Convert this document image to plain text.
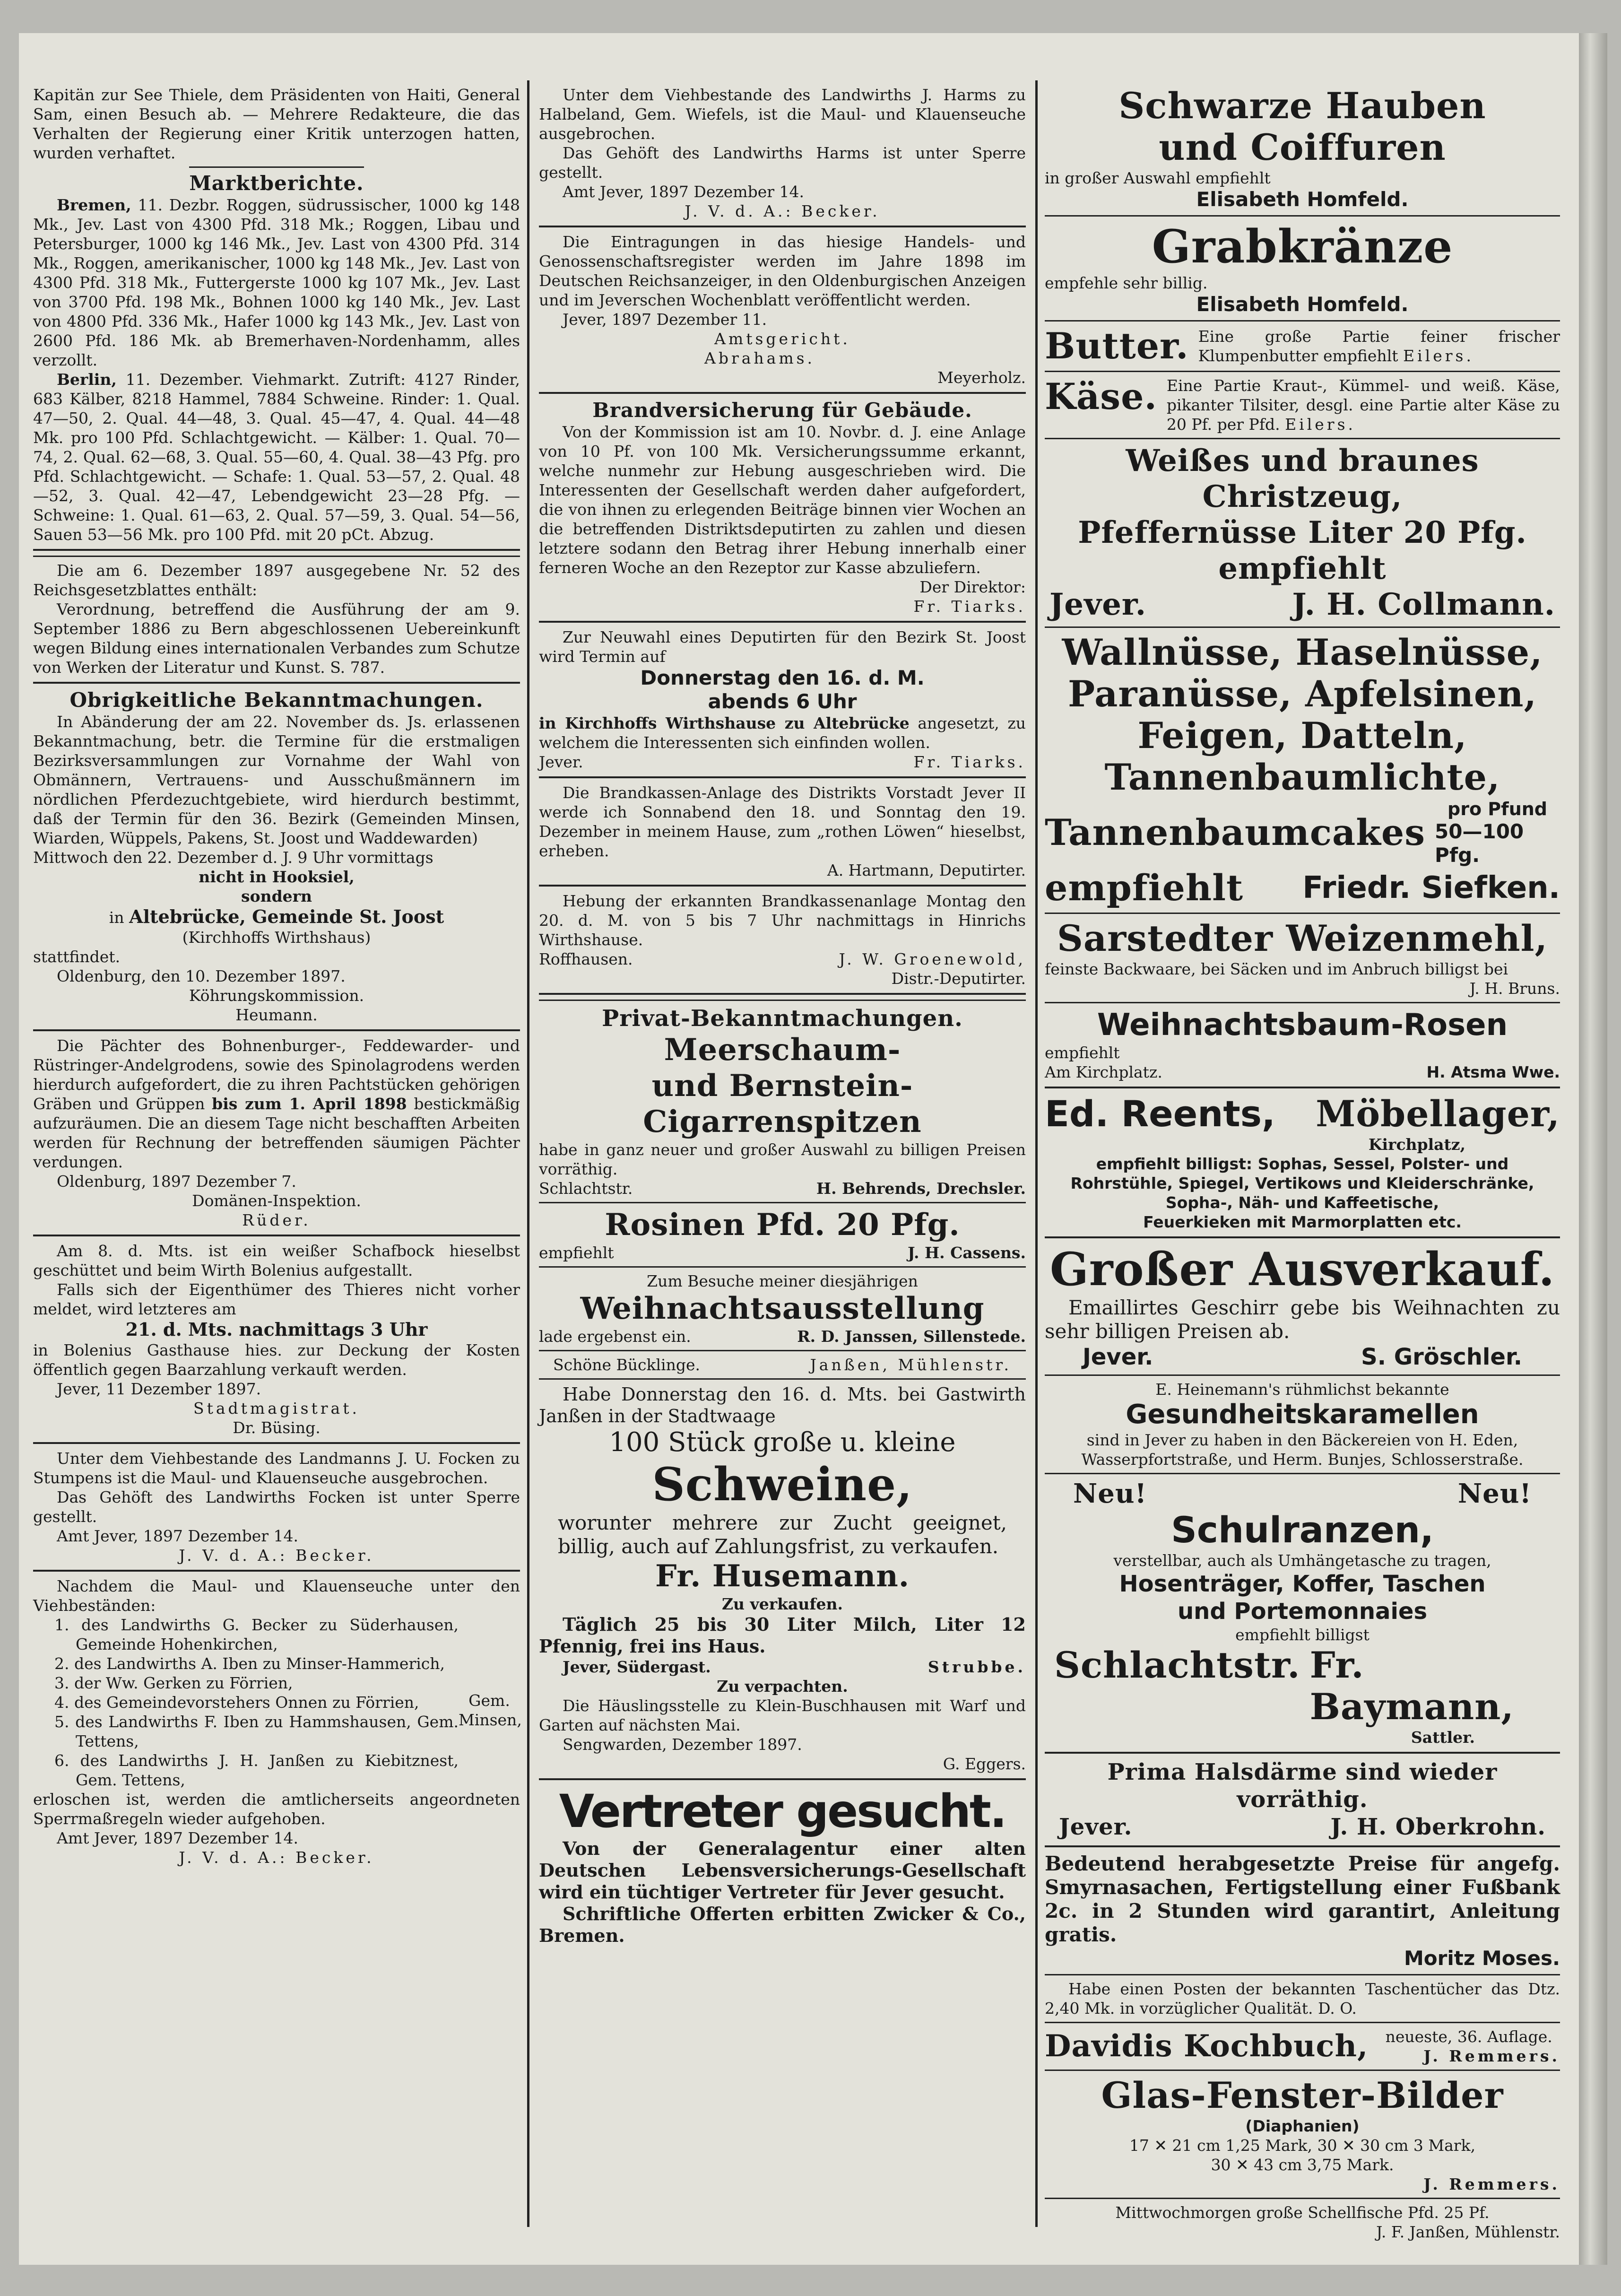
Kapitän zur See Thiele, dem Präsidenten von Haiti, General Sam, einen Besuch ab. — Mehrere Redakteure, die das Verhalten der Regierung einer Kritik unterzogen hatten, wurden verhaftet.

Marktberichte.

Bremen, 11. Dezbr. Roggen, südrussischer, 1000 kg 148 Mk., Jev. Last von 4300 Pfd. 318 Mk.; Roggen, Libau und Petersburger, 1000 kg 146 Mk., Jev. Last von 4300 Pfd. 314 Mk., Roggen, amerikanischer, 1000 kg 148 Mk., Jev. Last von 4300 Pfd. 318 Mk., Futtergerste 1000 kg 107 Mk., Jev. Last von 3700 Pfd. 198 Mk., Bohnen 1000 kg 140 Mk., Jev. Last von 4800 Pfd. 336 Mk., Hafer 1000 kg 143 Mk., Jev. Last von 2600 Pfd. 186 Mk. ab Bremerhaven-Nordenhamm, alles verzollt.

Berlin, 11. Dezember. Viehmarkt. Zutrift: 4127 Rinder, 683 Kälber, 8218 Hammel, 7884 Schweine. Rinder: 1. Qual. 47—50, 2. Qual. 44—48, 3. Qual. 45—47, 4. Qual. 44—48 Mk. pro 100 Pfd. Schlachtgewicht. — Kälber: 1. Qual. 70—74, 2. Qual. 62—68, 3. Qual. 55—60, 4. Qual. 38—43 Pfg. pro Pfd. Schlachtgewicht. — Schafe: 1. Qual. 53—57, 2. Qual. 48—52, 3. Qual. 42—47, Lebendgewicht 23—28 Pfg. — Schweine: 1. Qual. 61—63, 2. Qual. 57—59, 3. Qual. 54—56, Sauen 53—56 Mk. pro 100 Pfd. mit 20 pCt. Abzug.

Die am 6. Dezember 1897 ausgegebene Nr. 52 des Reichsgesetzblattes enthält:

Verordnung, betreffend die Ausführung der am 9. September 1886 zu Bern abgeschlossenen Uebereinkunft wegen Bildung eines internationalen Verbandes zum Schutze von Werken der Literatur und Kunst. S. 787.

Obrigkeitliche Bekanntmachungen.

In Abänderung der am 22. November ds. Js. erlassenen Bekanntmachung, betr. die Termine für die erstmaligen Bezirksversammlungen zur Vornahme der Wahl von Obmännern, Vertrauens- und Ausschußmännern im nördlichen Pferdezuchtgebiete, wird hierdurch bestimmt, daß der Termin für den 36. Bezirk (Gemeinden Minsen, Wiarden, Wüppels, Pakens, St. Joost und Waddewarden)

Mittwoch den 22. Dezember d. J. 9 Uhr vormittags

nicht in Hooksiel,

sondern

in Altebrücke, Gemeinde St. Joost

(Kirchhoffs Wirthshaus)

stattfindet.

Oldenburg, den 10. Dezember 1897.

Köhrungskommission.

Heumann.

Die Pächter des Bohnenburger-, Feddewarder- und Rüstringer-Andelgrodens, sowie des Spinolagrodens werden hierdurch aufgefordert, die zu ihren Pachtstücken gehörigen Gräben und Grüppen bis zum 1. April 1898 bestickmäßig aufzuräumen. Die an diesem Tage nicht beschafften Arbeiten werden für Rechnung der betreffenden säumigen Pächter verdungen.

Oldenburg, 1897 Dezember 7.

Domänen-Inspektion.

Rüder.

Am 8. d. Mts. ist ein weißer Schafbock hieselbst geschüttet und beim Wirth Bolenius aufgestallt.

Falls sich der Eigenthümer des Thieres nicht vorher meldet, wird letzteres am

21. d. Mts. nachmittags 3 Uhr

in Bolenius Gasthause hies. zur Deckung der Kosten öffentlich gegen Baarzahlung verkauft werden.

Jever, 11 Dezember 1897.

Stadtmagistrat.

Dr. Büsing.

Unter dem Viehbestande des Landmanns J. U. Focken zu Stumpens ist die Maul- und Klauenseuche ausgebrochen.

Das Gehöft des Landwirths Focken ist unter Sperre gestellt.

Amt Jever, 1897 Dezember 14.

J. V. d. A.: Becker.

Nachdem die Maul- und Klauenseuche unter den Viehbeständen:

1. des Landwirths G. Becker zu Süderhausen, Gemeinde Hohenkirchen,

2. des Landwirths A. Iben zu Minser-Hammerich,

3. der Ww. Gerken zu Förrien,

4. des Gemeindevorstehers Onnen zu Förrien,

5. des Landwirths F. Iben zu Hammshausen, Gem. Tettens,

6. des Landwirths J. H. Janßen zu Kiebitznest, Gem. Tettens,

Gem. Minsen,

erloschen ist, werden die amtlicherseits angeordneten Sperrmaßregeln wieder aufgehoben.

Amt Jever, 1897 Dezember 14.

J. V. d. A.: Becker.

Unter dem Viehbestande des Landwirths J. Harms zu Halbeland, Gem. Wiefels, ist die Maul- und Klauenseuche ausgebrochen.

Das Gehöft des Landwirths Harms ist unter Sperre gestellt.

Amt Jever, 1897 Dezember 14.

J. V. d. A.: Becker.

Die Eintragungen in das hiesige Handels- und Genossenschaftsregister werden im Jahre 1898 im Deutschen Reichsanzeiger, in den Oldenburgischen Anzeigen und im Jeverschen Wochenblatt veröffentlicht werden.

Jever, 1897 Dezember 11.

Amtsgericht.

Abrahams.

Meyerholz.

Brandversicherung für Gebäude.

Von der Kommission ist am 10. Novbr. d. J. eine Anlage von 10 Pf. von 100 Mk. Versicherungssumme erkannt, welche nunmehr zur Hebung ausgeschrieben wird. Die Interessenten der Gesellschaft werden daher aufgefordert, die von ihnen zu erlegenden Beiträge binnen vier Wochen an die betreffenden Distriktsdeputirten zu zahlen und diesen letztere sodann den Betrag ihrer Hebung innerhalb einer ferneren Woche an den Rezeptor zur Kasse abzuliefern.

Der Direktor:

Fr. Tiarks.

Zur Neuwahl eines Deputirten für den Bezirk St. Joost wird Termin auf

Donnerstag den 16. d. M.

abends 6 Uhr

in Kirchhoffs Wirthshause zu Altebrücke angesetzt, zu welchem die Interessenten sich einfinden wollen.

Jever.	Fr. Tiarks.

Die Brandkassen-Anlage des Distrikts Vorstadt Jever II werde ich Sonnabend den 18. und Sonntag den 19. Dezember in meinem Hause, zum „rothen Löwen“ hieselbst, erheben.

A. Hartmann, Deputirter.

Hebung der erkannten Brandkassenanlage Montag den 20. d. M. von 5 bis 7 Uhr nachmittags in Hinrichs Wirthshause.

Roffhausen.	J. W. Groenewold,

Distr.-Deputirter.

Privat-Bekanntmachungen.

Meerschaum-

und Bernstein-Cigarrenspitzen

habe in ganz neuer und großer Auswahl zu billigen Preisen vorräthig.

Schlachtstr.	H. Behrends, Drechsler.

Rosinen Pfd. 20 Pfg.

empfiehlt	J. H. Cassens.

Zum Besuche meiner diesjährigen

Weihnachtsausstellung

lade ergebenst ein.	R. D. Janssen, Sillenstede.
Schöne Bücklinge.	Janßen, Mühlenstr.

Habe Donnerstag den 16. d. Mts. bei Gastwirth Janßen in der Stadtwaage

100 Stück große u. kleine

Schweine,

worunter mehrere zur Zucht geeignet, billig, auch auf Zahlungsfrist, zu verkaufen.

Fr. Husemann.

Zu verkaufen.

Täglich 25 bis 30 Liter Milch, Liter 12 Pfennig, frei ins Haus.

Jever, Südergast.	Strubbe.

Zu verpachten.

Die Häuslingsstelle zu Klein-Buschhausen mit Warf und Garten auf nächsten Mai.

Sengwarden, Dezember 1897.

G. Eggers.

Vertreter gesucht.

Von der Generalagentur einer alten Deutschen Lebensversicherungs-Gesellschaft wird ein tüchtiger Vertreter für Jever gesucht.

Schriftliche Offerten erbitten Zwicker & Co., Bremen.

Schwarze Hauben

und Coiffuren

in großer Auswahl empfiehlt

Elisabeth Homfeld.

Grabkränze

empfehle sehr billig.

Elisabeth Homfeld.

Butter. Eine große Partie feiner frischer Klumpenbutter empfiehlt Eilers.

Käse. Eine Partie Kraut-, Kümmel- und weiß. Käse, pikanter Tilsiter, desgl. eine Partie alter Käse zu 20 Pf. per Pfd. Eilers.

Weißes und braunes Christzeug,

Pfeffernüsse Liter 20 Pfg. empfiehlt

Jever.	J. H. Collmann.

Wallnüsse, Haselnüsse,

Paranüsse, Apfelsinen,

Feigen, Datteln,

Tannenbaumlichte,

Tannenbaumcakes
pro Pfund
50—100 Pfg.
empfiehlt Friedr. Siefken.

Sarstedter Weizenmehl,

feinste Backwaare, bei Säcken und im Anbruch billigst bei

J. H. Bruns.

Weihnachtsbaum-Rosen

empfiehlt

Am Kirchplatz.	H. Atsma Wwe.
Ed. Reents, Möbellager,

Kirchplatz,

empfiehlt billigst: Sophas, Sessel, Polster- und Rohrstühle, Spiegel, Vertikows und Kleiderschränke,

Sopha-, Näh- und Kaffeetische,

Feuerkieken mit Marmorplatten etc.

Großer Ausverkauf.

Emaillirtes Geschirr gebe bis Weihnachten zu sehr billigen Preisen ab.

Jever.	S. Gröschler.

E. Heinemann's rühmlichst bekannte

Gesundheitskaramellen

sind in Jever zu haben in den Bäckereien von H. Eden, Wasserpfortstraße, und Herm. Bunjes, Schlosserstraße.

Neu!	Neu!

Schulranzen,

verstellbar, auch als Umhängetasche zu tragen,

Hosenträger, Koffer, Taschen

und Portemonnaies

empfiehlt billigst

Schlachtstr. Fr. Baymann,

Sattler.

Prima Halsdärme sind wieder vorräthig.

Jever.	J. H. Oberkrohn.

Bedeutend herabgesetzte Preise für angefg. Smyrnasachen, Fertigstellung einer Fußbank 2c. in 2 Stunden wird garantirt, Anleitung gratis.

Moritz Moses.

Habe einen Posten der bekannten Taschentücher das Dtz. 2,40 Mk. in vorzüglicher Qualität. D. O.

Davidis Kochbuch,	neueste, 36. Auflage.
J. Remmers.

Glas-Fenster-Bilder

(Diaphanien)

17 ✕ 21 cm 1,25 Mark, 30 ✕ 30 cm 3 Mark,

30 ✕ 43 cm 3,75 Mark.

J. Remmers.

Mittwochmorgen große Schellfische Pfd. 25 Pf.

J. F. Janßen, Mühlenstr.
